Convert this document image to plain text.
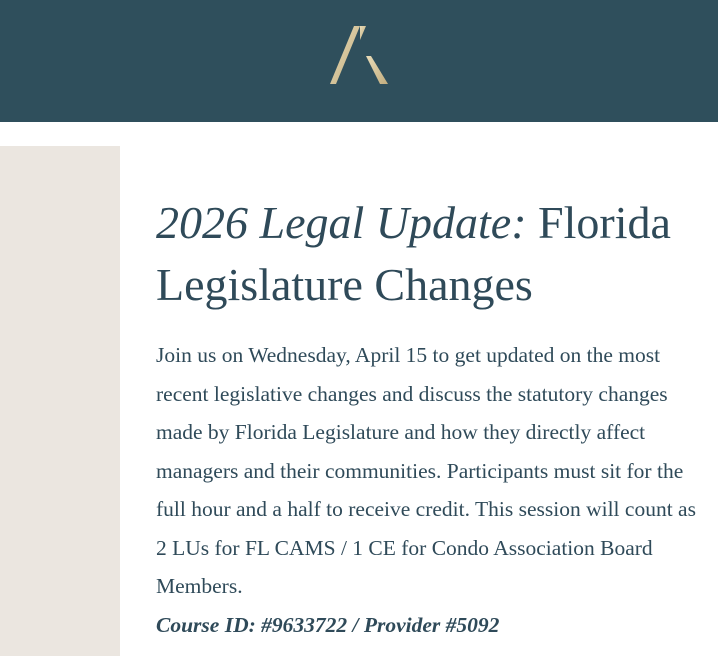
2026 Legal Update: Florida Legislature Changes

Join us on Wednesday, April 15 to get updated on the most recent legislative changes and discuss the statutory changes made by Florida Legislature and how they directly affect managers and their communities. Participants must sit for the full hour and a half to receive credit. This session will count as 2 LUs for FL CAMS / 1 CE for Condo Association Board Members.
Course ID: #9633722 / Provider #5092
